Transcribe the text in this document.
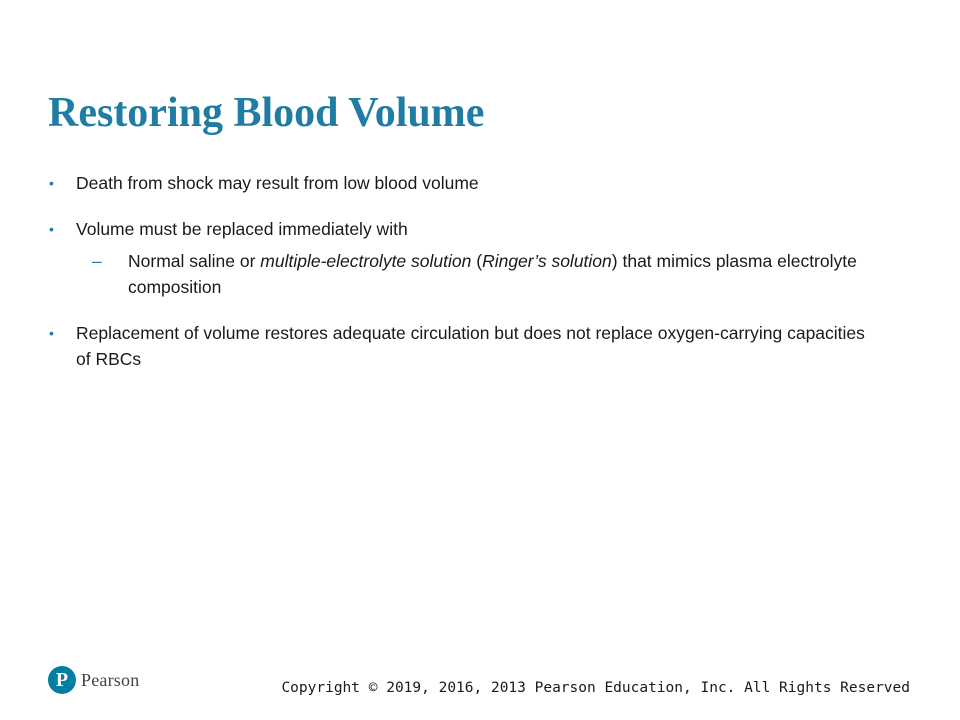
Restoring Blood Volume
• Death from shock may result from low blood volume
• Volume must be replaced immediately with
– Normal saline or multiple-electrolyte solution (Ringer’s solution) that mimics plasma electrolyte composition
• Replacement of volume restores adequate circulation but does not replace oxygen-carrying capacities of RBCs
P Pearson	Copyright © 2019, 2016, 2013 Pearson Education, Inc. All Rights Reserved
